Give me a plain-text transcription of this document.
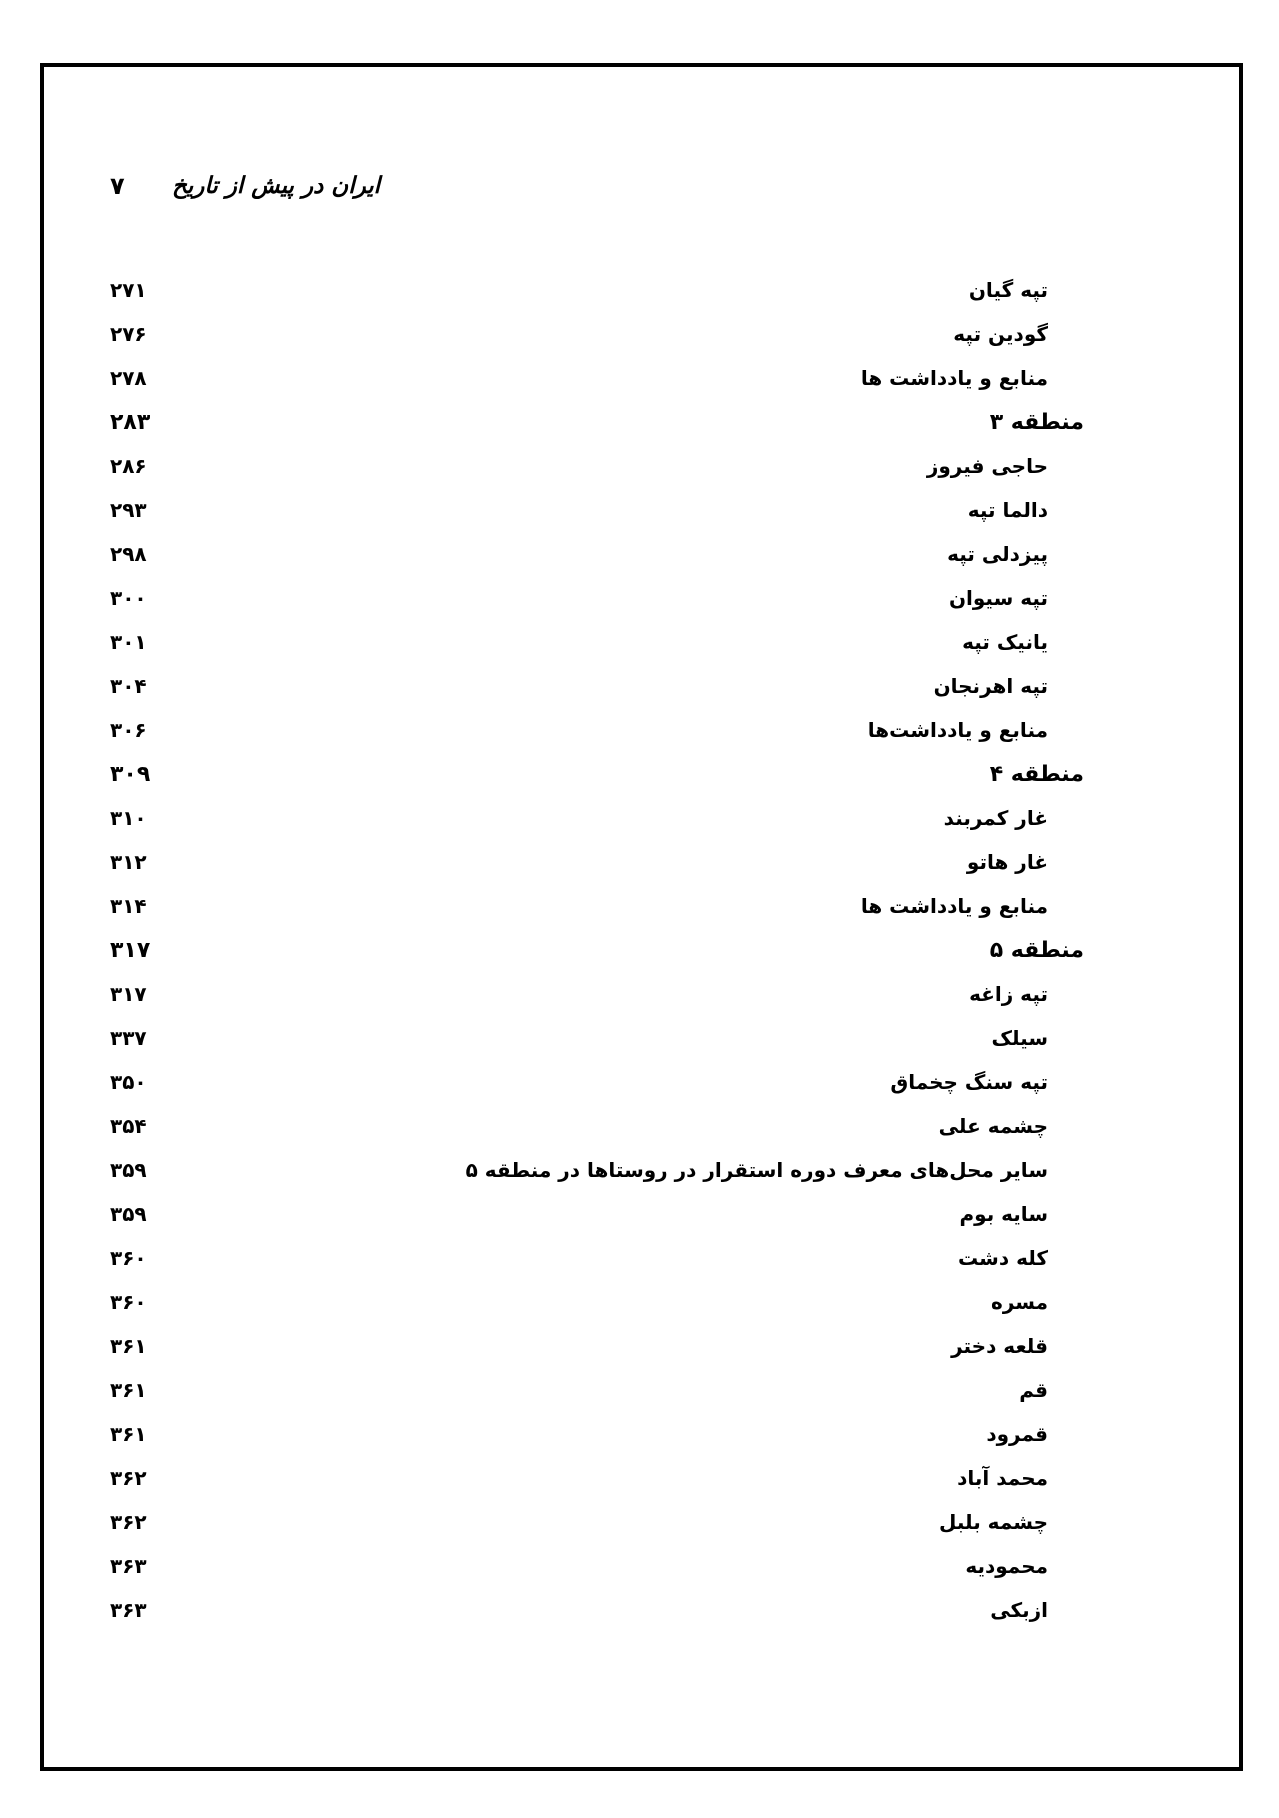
۷	ایران در پیش از تاریخ
تپه گیان
۲۷۱
گودین تپه
۲۷۶
منابع و یادداشت ها
۲۷۸
منطقه ۳
۲۸۳
حاجی فیروز
۲۸۶
دالما تپه
۲۹۳
پیزدلی تپه
۲۹۸
تپه سیوان
۳۰۰
یانیک تپه
۳۰۱
تپه اهرنجان
۳۰۴
منابع و یادداشت‌ها
۳۰۶
منطقه ۴
۳۰۹
غار کمربند
۳۱۰
غار هاتو
۳۱۲
منابع و یادداشت ها
۳۱۴
منطقه ۵
۳۱۷
تپه زاغه
۳۱۷
سیلک
۳۳۷
تپه سنگ چخماق
۳۵۰
چشمه علی
۳۵۴
سایر محل‌های معرف دوره استقرار در روستاها در منطقه ۵
۳۵۹
سایه بوم
۳۵۹
کله دشت
۳۶۰
مسره
۳۶۰
قلعه دختر
۳۶۱
قم
۳۶۱
قمرود
۳۶۱
محمد آباد
۳۶۲
چشمه بلبل
۳۶۲
محمودیه
۳۶۳
ازبکی
۳۶۳
